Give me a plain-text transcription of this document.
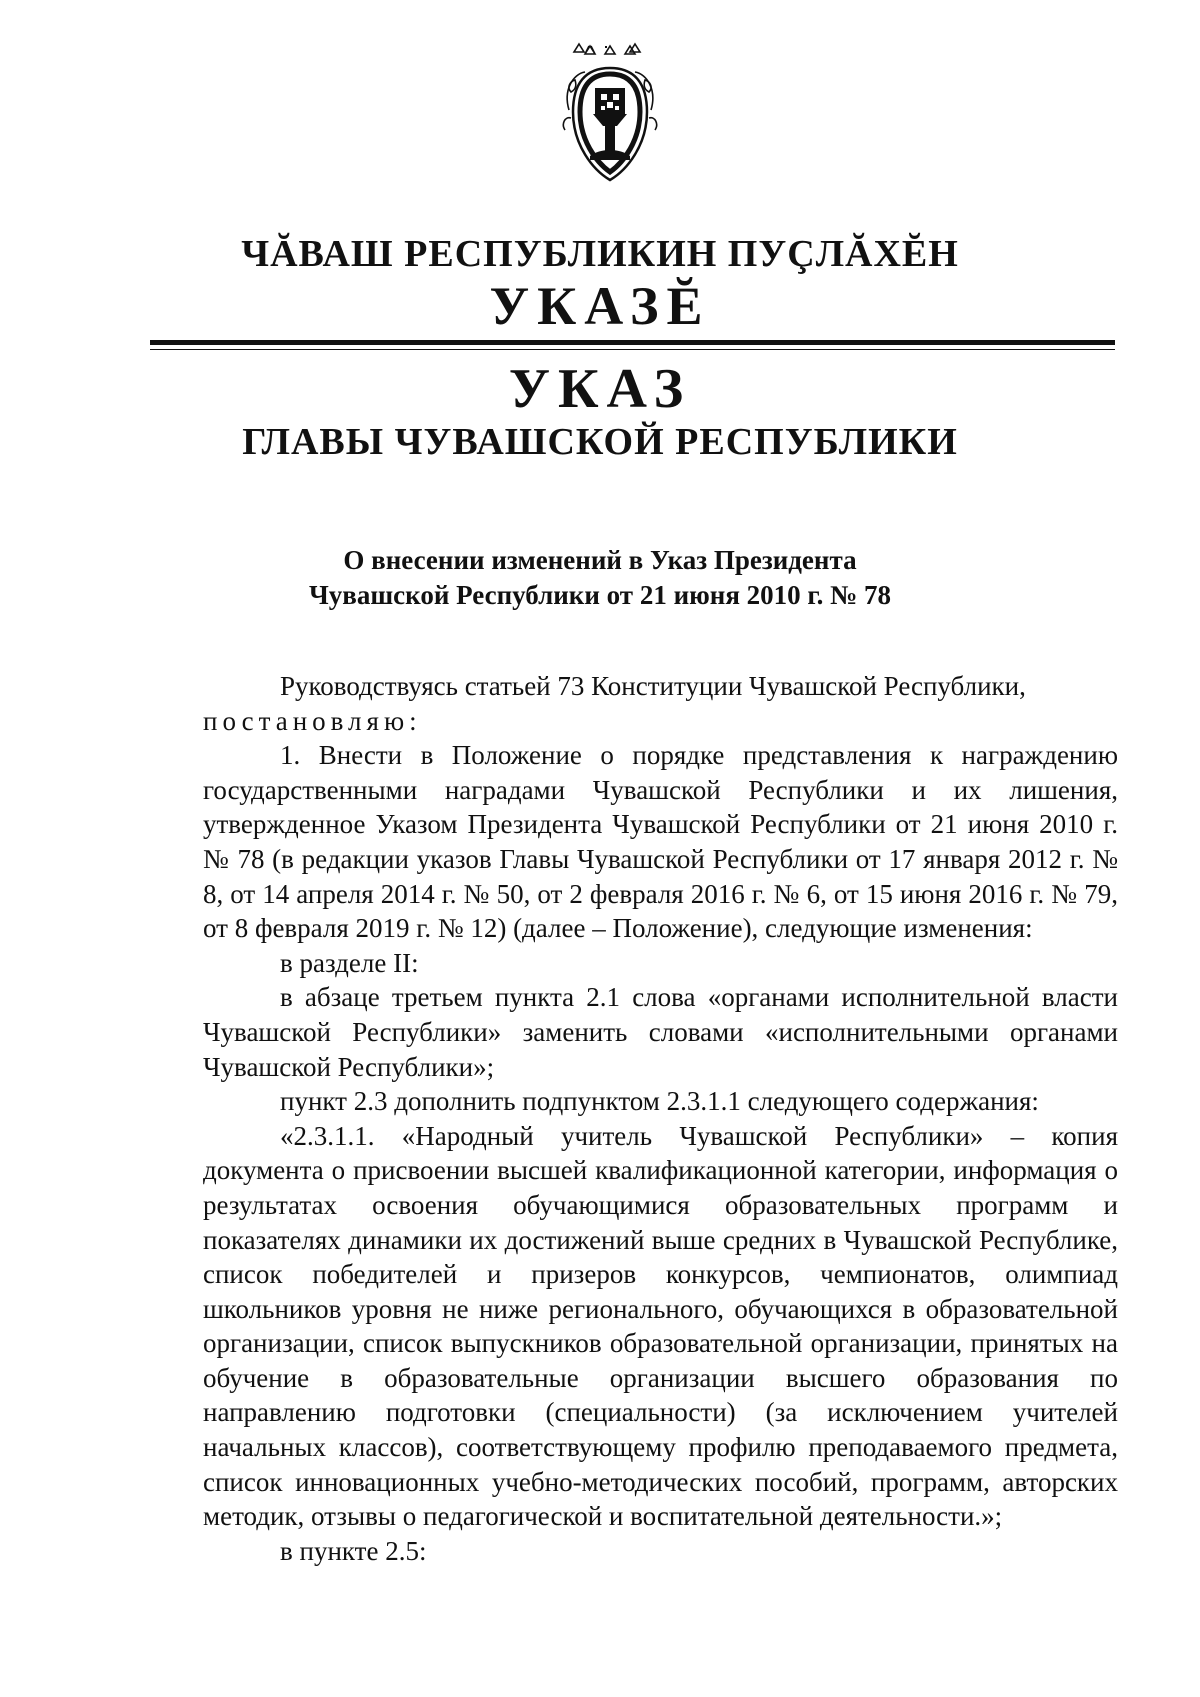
ЧĂВАШ РЕСПУБЛИКИН ПУÇЛĂХĔН
УКАЗĔ
УКАЗ
ГЛАВЫ ЧУВАШСКОЙ РЕСПУБЛИКИ
О внесении изменений в Указ Президента
Чувашской Республики от 21 июня 2010 г. № 78

Руководствуясь статьей 73 Конституции Чувашской Республики,

постановляю:

1. Внести в Положение о порядке представления к награждению государственными наградами Чувашской Республики и их лишения, утвержденное Указом Президента Чувашской Республики от 21 июня 2010 г. № 78 (в редакции указов Главы Чувашской Республики от 17 января 2012 г. № 8, от 14 апреля 2014 г. № 50, от 2 февраля 2016 г. № 6, от 15 июня 2016 г. № 79, от 8 февраля 2019 г. № 12) (далее – Положение), следующие изменения:

в разделе II:

в абзаце третьем пункта 2.1 слова «органами исполнительной власти Чувашской Республики» заменить словами «исполнительными органами Чувашской Республики»;

пункт 2.3 дополнить подпунктом 2.3.1.1 следующего содержания:

«2.3.1.1. «Народный учитель Чувашской Республики» – копия документа о присвоении высшей квалификационной категории, информация о результатах освоения обучающимися образовательных программ и показателях динамики их достижений выше средних в Чувашской Республике, список победителей и призеров конкурсов, чемпионатов, олимпиад школьников уровня не ниже регионального, обучающихся в образовательной организации, список выпускников образовательной организации, принятых на обучение в образовательные организации высшего образования по направлению подготовки (специальности) (за исключением учителей начальных классов), соответствующему профилю преподаваемого предмета, список инновационных учебно-методических пособий, программ, авторских методик, отзывы о педагогической и воспитательной деятельности.»;

в пункте 2.5:
